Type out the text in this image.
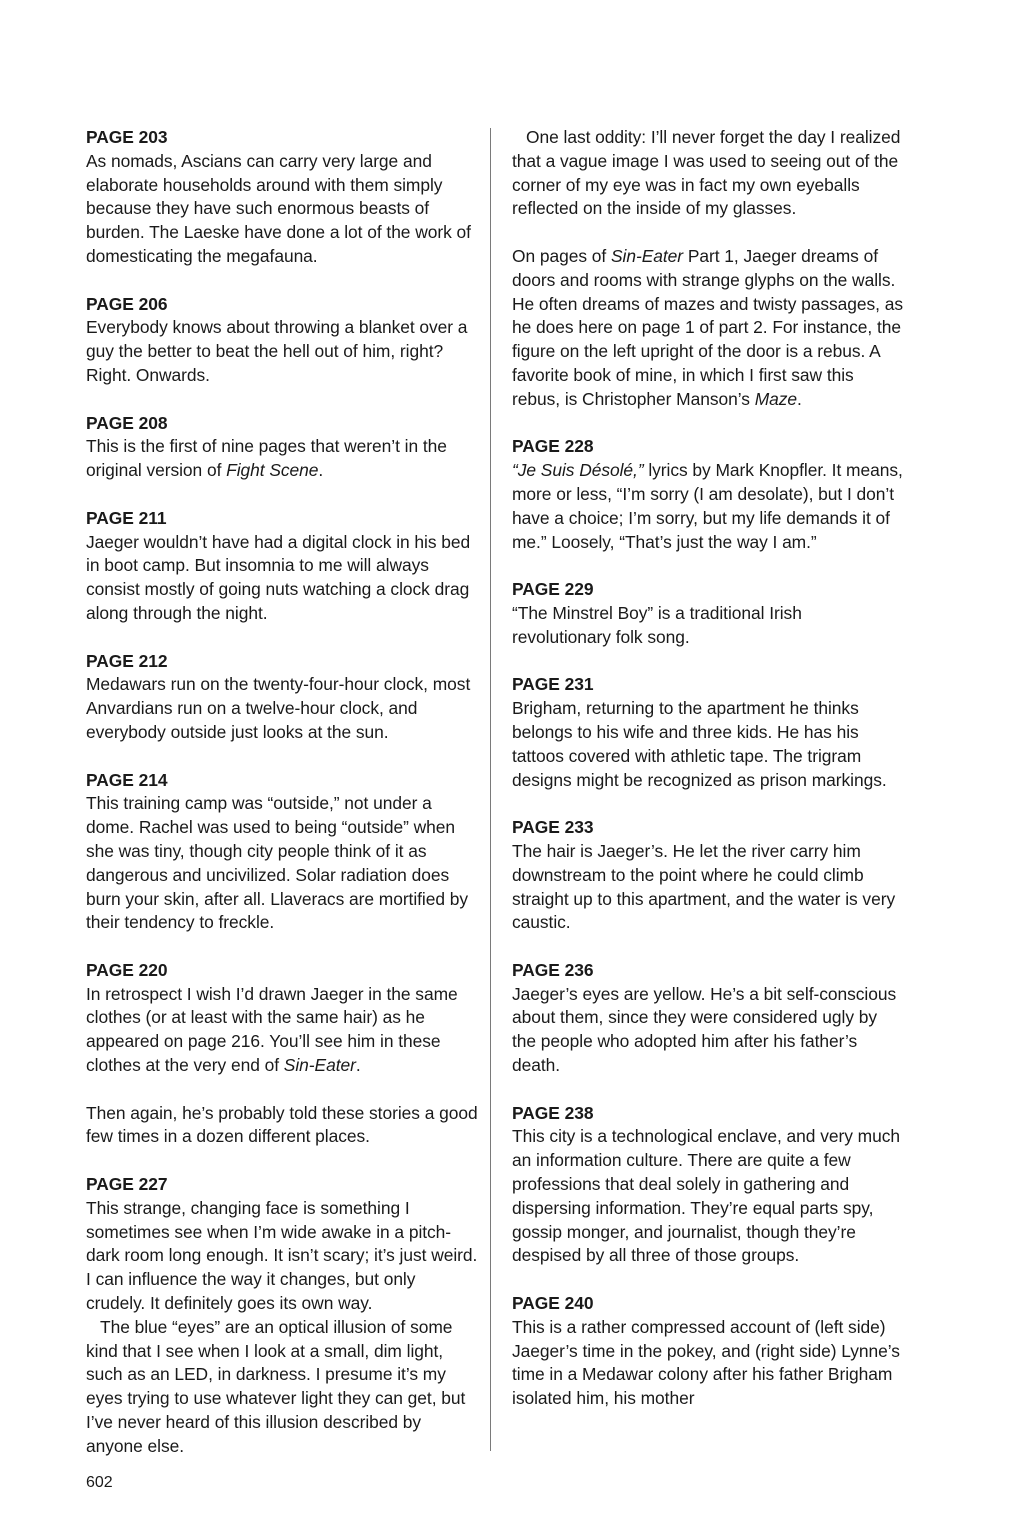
PAGE 203
As nomads, Ascians can carry very large and elaborate households around with them simply because they have such enormous beasts of burden. The Laeske have done a lot of the work of domesticating the megafauna.
PAGE 206
Everybody knows about throwing a blanket over a guy the better to beat the hell out of him, right? Right. Onwards.
PAGE 208
This is the first of nine pages that weren’t in the original version of Fight Scene.
PAGE 211
Jaeger wouldn’t have had a digital clock in his bed in boot camp. But insomnia to me will always consist mostly of going nuts watching a clock drag along through the night.
PAGE 212
Medawars run on the twenty-four-hour clock, most Anvardians run on a twelve-hour clock, and everybody outside just looks at the sun.
PAGE 214
This training camp was “outside,” not under a dome. Rachel was used to being “outside” when she was tiny, though city people think of it as dangerous and uncivilized. Solar radiation does burn your skin, after all. Llaveracs are mortified by their tendency to freckle.
PAGE 220
In retrospect I wish I’d drawn Jaeger in the same clothes (or at least with the same hair) as he appeared on page 216. You’ll see him in these clothes at the very end of Sin-Eater.
Then again, he’s probably told these stories a good few times in a dozen different places.
PAGE 227
This strange, changing face is something I sometimes see when I’m wide awake in a pitch-dark room long enough. It isn’t scary; it’s just weird. I can influence the way it changes, but only crudely. It definitely goes its own way.
The blue “eyes” are an optical illusion of some kind that I see when I look at a small, dim light, such as an LED, in darkness. I presume it’s my eyes trying to use whatever light they can get, but I’ve never heard of this illusion described by anyone else.
One last oddity: I’ll never forget the day I realized that a vague image I was used to seeing out of the corner of my eye was in fact my own eyeballs reflected on the inside of my glasses.
On pages of Sin-Eater Part 1, Jaeger dreams of doors and rooms with strange glyphs on the walls. He often dreams of mazes and twisty passages, as he does here on page 1 of part 2. For instance, the figure on the left upright of the door is a rebus. A favorite book of mine, in which I first saw this rebus, is Christopher Manson’s Maze.
PAGE 228
“Je Suis Désolé,” lyrics by Mark Knopfler. It means, more or less, “I’m sorry (I am desolate), but I don’t have a choice; I’m sorry, but my life demands it of me.” Loosely, “That’s just the way I am.”
PAGE 229
“The Minstrel Boy” is a traditional Irish revolutionary folk song.
PAGE 231
Brigham, returning to the apartment he thinks belongs to his wife and three kids. He has his tattoos covered with athletic tape. The trigram designs might be recognized as prison markings.
PAGE 233
The hair is Jaeger’s. He let the river carry him downstream to the point where he could climb straight up to this apartment, and the water is very caustic.
PAGE 236
Jaeger’s eyes are yellow. He’s a bit self-conscious about them, since they were considered ugly by the people who adopted him after his father’s death.
PAGE 238
This city is a technological enclave, and very much an information culture. There are quite a few professions that deal solely in gathering and dispersing information. They’re equal parts spy, gossip monger, and journalist, though they’re despised by all three of those groups.
PAGE 240
This is a rather compressed account of (left side) Jaeger’s time in the pokey, and (right side) Lynne’s time in a Medawar colony after his father Brigham isolated him, his mother
602
